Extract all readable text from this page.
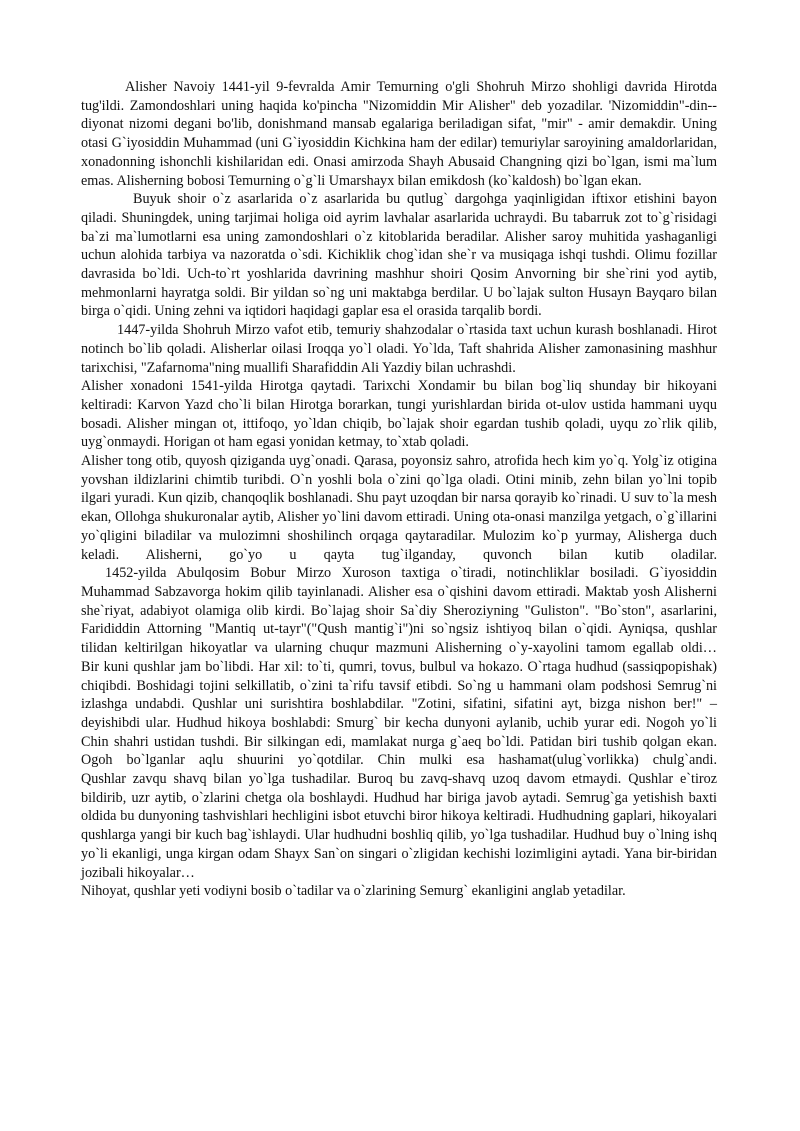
Alisher Navoiy 1441-yil 9-fevralda Amir Temurning o'gli Shohruh Mirzo shohligi davrida Hirotda tug'ildi. Zamondoshlari uning haqida ko'pincha "Nizomiddin Mir Alisher" deb yozadilar. 'Nizomiddin"-din--diyonat nizomi degani bo'lib, donishmand mansab egalariga beriladigan sifat, "mir" - amir demakdir. Uning otasi G`iyosiddin Muhammad (uni G`iyosiddin Kichkina ham der edilar) temuriylar saroyining amaldorlaridan, xonadonning ishonchli kishilaridan edi. Onasi amirzoda Shayh Abusaid Changning qizi bo`lgan, ismi ma`lum emas. Alisherning bobosi Temurning o`g`li Umarshayx bilan emikdosh (ko`kaldosh) bo`lgan ekan.

Buyuk shoir o`z asarlarida o`z asarlarida bu qutlug` dargohga yaqinligidan iftixor etishini bayon qiladi. Shuningdek, uning tarjimai holiga oid ayrim lavhalar asarlarida uchraydi. Bu tabarruk zot to`g`risidagi ba`zi ma`lumotlarni esa uning zamondoshlari o`z kitoblarida beradilar. Alisher saroy muhitida yashaganligi uchun alohida tarbiya va nazoratda o`sdi. Kichiklik chog`idan she`r va musiqaga ishqi tushdi. Olimu fozillar davrasida bo`ldi. Uch-to`rt yoshlarida davrining mashhur shoiri Qosim Anvorning bir she`rini yod aytib, mehmonlarni hayratga soldi. Bir yildan so`ng uni maktabga berdilar. U bo`lajak sulton Husayn Bayqaro bilan birga o`qidi. Uning zehni va iqtidori haqidagi gaplar esa el orasida tarqalib bordi.

1447-yilda Shohruh Mirzo vafot etib, temuriy shahzodalar o`rtasida taxt uchun kurash boshlanadi. Hirot notinch bo`lib qoladi. Alisherlar oilasi Iroqqa yo`l oladi. Yo`lda, Taft shahrida Alisher zamonasining mashhur tarixchisi, "Zafarnoma"ning muallifi Sharafiddin Ali Yazdiy bilan uchrashdi.

Alisher xonadoni 1541-yilda Hirotga qaytadi. Tarixchi Xondamir bu bilan bog`liq shunday bir hikoyani keltiradi: Karvon Yazd cho`li bilan Hirotga borarkan, tungi yurishlardan birida ot-ulov ustida hammani uyqu bosadi. Alisher mingan ot, ittifoqo, yo`ldan chiqib, bo`lajak shoir egardan tushib qoladi, uyqu zo`rlik qilib, uyg`onmaydi. Horigan ot ham egasi yonidan ketmay, to`xtab qoladi.

Alisher tong otib, quyosh qiziganda uyg`onadi. Qarasa, poyonsiz sahro, atrofida hech kim yo`q. Yolg`iz otigina yovshan ildizlarini chimtib turibdi. O`n yoshli bola o`zini qo`lga oladi. Otini minib, zehn bilan yo`lni topib ilgari yuradi. Kun qizib, chanqoqlik boshlanadi. Shu payt uzoqdan bir narsa qorayib ko`rinadi. U suv to`la mesh ekan, Ollohga shukuronalar aytib, Alisher yo`lini davom ettiradi. Uning ota-onasi manzilga yetgach, o`g`illarini yo`qligini biladilar va mulozimni shoshilinch orqaga qaytaradilar. Mulozim ko`p yurmay, Alisherga duch keladi. Alisherni, go`yo u qayta tug`ilganday, quvonch bilan kutib oladilar.

1452-yilda Abulqosim Bobur Mirzo Xuroson taxtiga o`tiradi, notinchliklar bosiladi. G`iyosiddin Muhammad Sabzavorga hokim qilib tayinlanadi. Alisher esa o`qishini davom ettiradi. Maktab yosh Alisherni she`riyat, adabiyot olamiga olib kirdi. Bo`lajag shoir Sa`diy Sheroziyning "Guliston". "Bo`ston", asarlarini, Farididdin Attorning "Mantiq ut-tayr"("Qush mantig`i")ni so`ngsiz ishtiyoq bilan o`qidi. Ayniqsa, qushlar tilidan keltirilgan hikoyatlar va ularning chuqur mazmuni Alisherning o`y-xayolini tamom egallab oldi…

Bir kuni qushlar jam bo`libdi. Har xil: to`ti, qumri, tovus, bulbul va hokazo. O`rtaga hudhud (sassiqpopishak) chiqibdi. Boshidagi tojini selkillatib, o`zini ta`rifu tavsif etibdi. So`ng u hammani olam podshosi Semrug`ni izlashga undabdi. Qushlar uni surishtira boshlabdilar. "Zotini, sifatini, sifatini ayt, bizga nishon ber!" – deyishibdi ular. Hudhud hikoya boshlabdi: Smurg` bir kecha dunyoni aylanib, uchib yurar edi. Nogoh yo`li Chin shahri ustidan tushdi. Bir silkingan edi, mamlakat nurga g`aeq bo`ldi. Patidan biri tushib qolgan ekan. Ogoh bo`lganlar aqlu shuurini yo`qotdilar. Chin mulki esa hashamat(ulug`vorlikka) chulg`andi.

Qushlar zavqu shavq bilan yo`lga tushadilar. Buroq bu zavq-shavq uzoq davom etmaydi. Qushlar e`tiroz bildirib, uzr aytib, o`zlarini chetga ola boshlaydi. Hudhud har biriga javob aytadi. Semrug`ga yetishish baxti oldida bu dunyoning tashvishlari hechligini isbot etuvchi biror hikoya keltiradi. Hudhudning gaplari, hikoyalari qushlarga yangi bir kuch bag`ishlaydi. Ular hudhudni boshliq qilib, yo`lga tushadilar. Hudhud buy o`lning ishq yo`li ekanligi, unga kirgan odam Shayx San`on singari o`zligidan kechishi lozimligini aytadi. Yana bir-biridan jozibali hikoyalar…

Nihoyat, qushlar yeti vodiyni bosib o`tadilar va o`zlarining Semurg` ekanligini anglab yetadilar.
